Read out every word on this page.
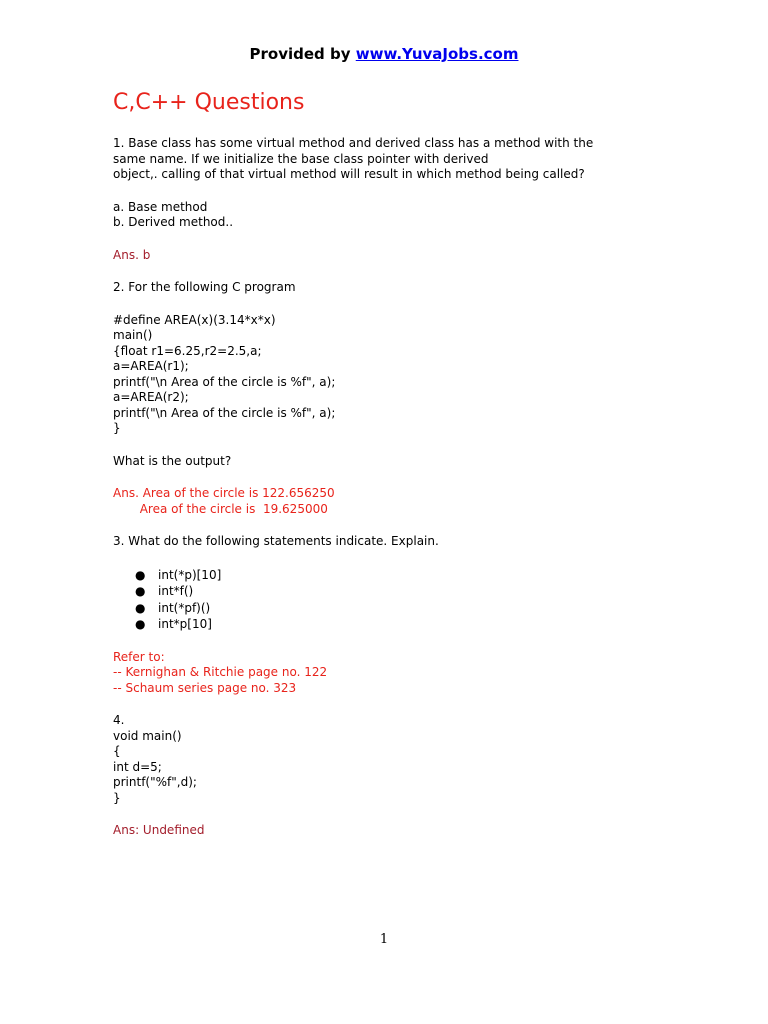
Provided by www.YuvaJobs.com
C,C++ Questions
1. Base class has some virtual method and derived class has a method with the
same name. If we initialize the base class pointer with derived
object,. calling of that virtual method will result in which method being called?
a. Base method
b. Derived method..
Ans. b
2. For the following C program
#define AREA(x)(3.14*x*x)
main()
{float r1=6.25,r2=2.5,a;
a=AREA(r1);
printf("\n Area of the circle is %f", a);
a=AREA(r2);
printf("\n Area of the circle is %f", a);
}
What is the output?
Ans. Area of the circle is 122.656250
Area of the circle is  19.625000
3. What do the following statements indicate. Explain.
● int(*p)[10]
● int*f()
● int(*pf)()
● int*p[10]
Refer to:
-- Kernighan & Ritchie page no. 122
-- Schaum series page no. 323
4.
void main()
{
int d=5;
printf("%f",d);
}
Ans: Undefined
1
